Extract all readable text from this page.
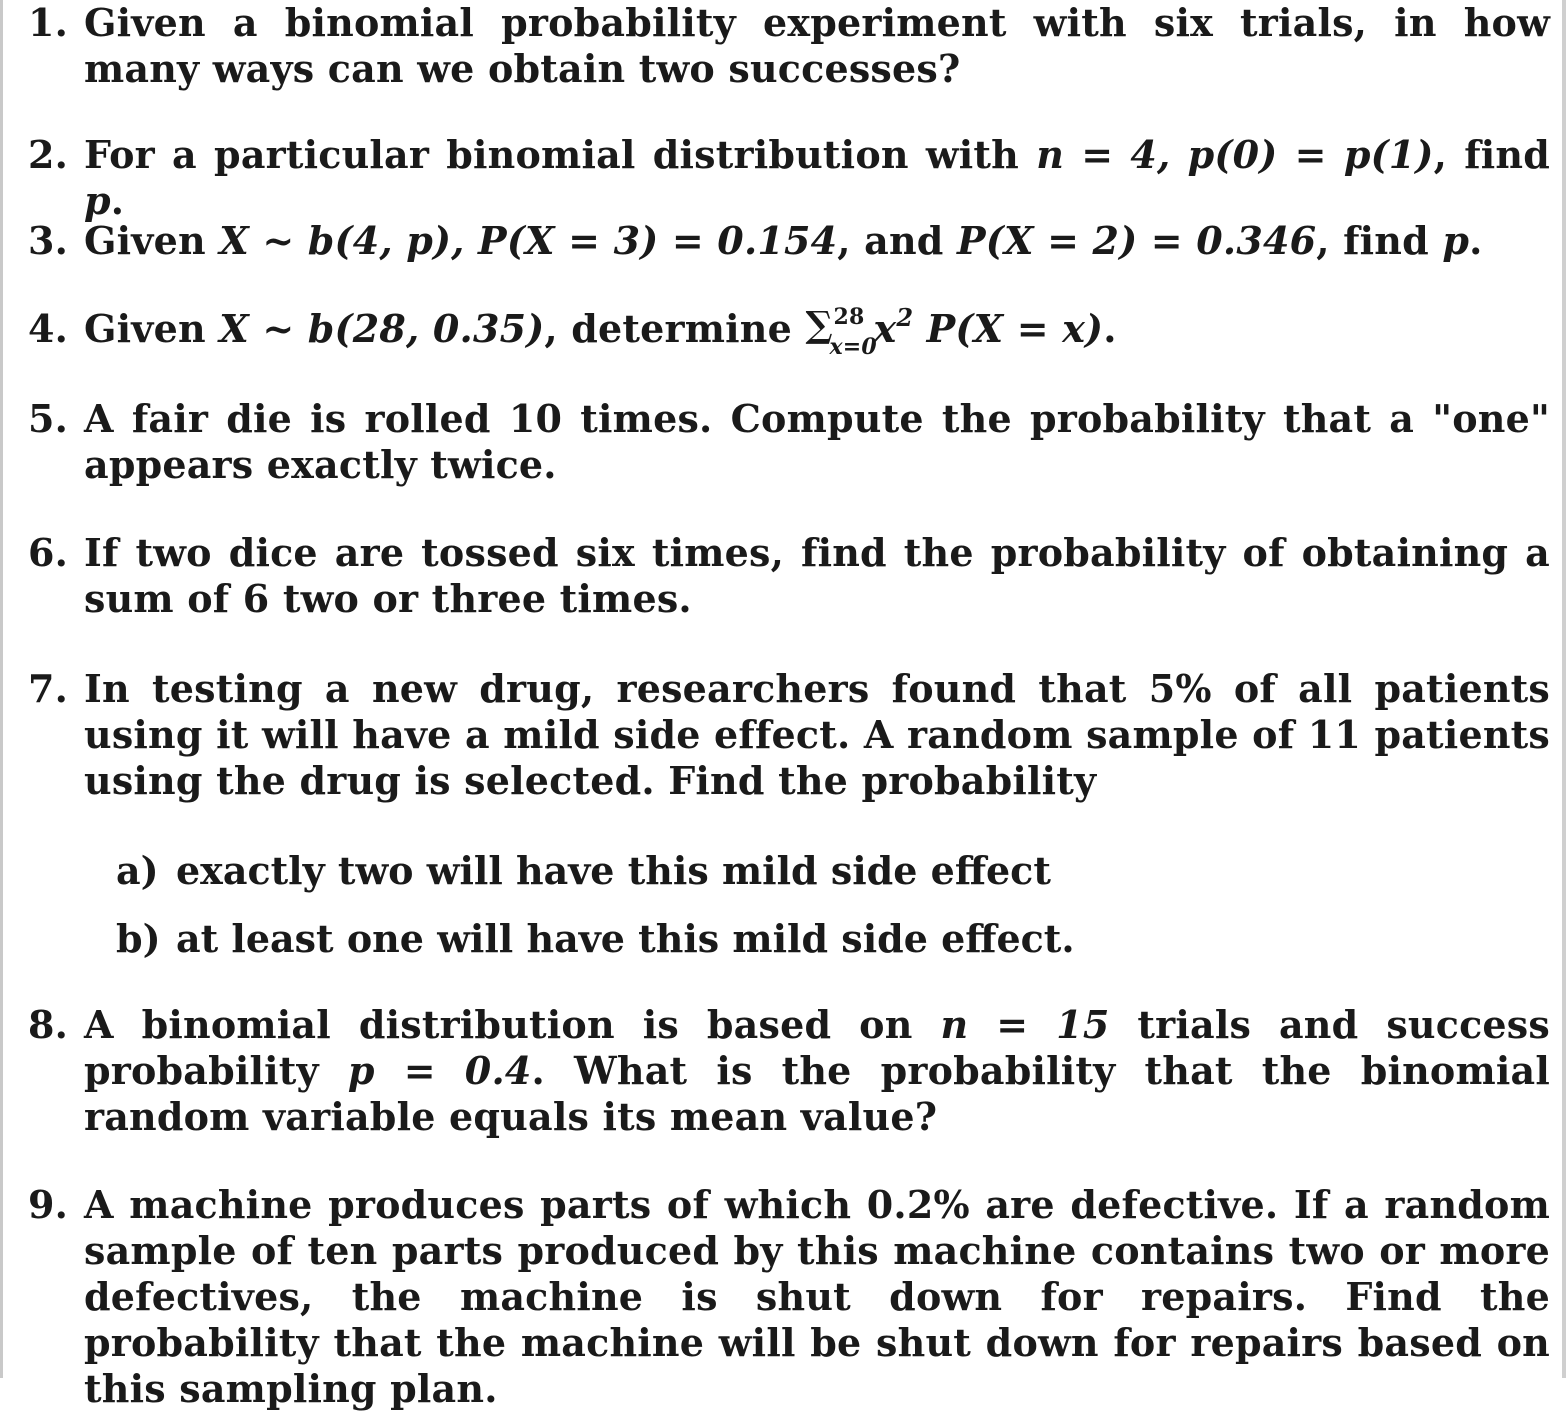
1. Given a binomial probability experiment with six trials, in how many ways can we obtain two successes?
2. For a particular binomial distribution with n = 4, p(0) = p(1), find p.
3. Given X ~ b(4, p), P(X = 3) = 0.154, and P(X = 2) = 0.346, find p.
4. Given X ~ b(28, 0.35), determine ∑ 28
x=0
$x^2$ P(X = x).
5. A fair die is rolled 10 times. Compute the probability that a "one" appears exactly twice.
6. If two dice are tossed six times, find the probability of obtaining a sum of 6 two or three times.
7. In testing a new drug, researchers found that 5% of all patients using it will have a mild side effect. A random sample of 11 patients using the drug is selected. Find the probability
a) exactly two will have this mild side effect
b) at least one will have this mild side effect.
8. A binomial distribution is based on n = 15 trials and success probability p = 0.4. What is the probability that the binomial random variable equals its mean value?
9. A machine produces parts of which 0.2% are defective. If a random sample of ten parts produced by this machine contains two or more defectives, the machine is shut down for repairs. Find the probability that the machine will be shut down for repairs based on this sampling plan.
